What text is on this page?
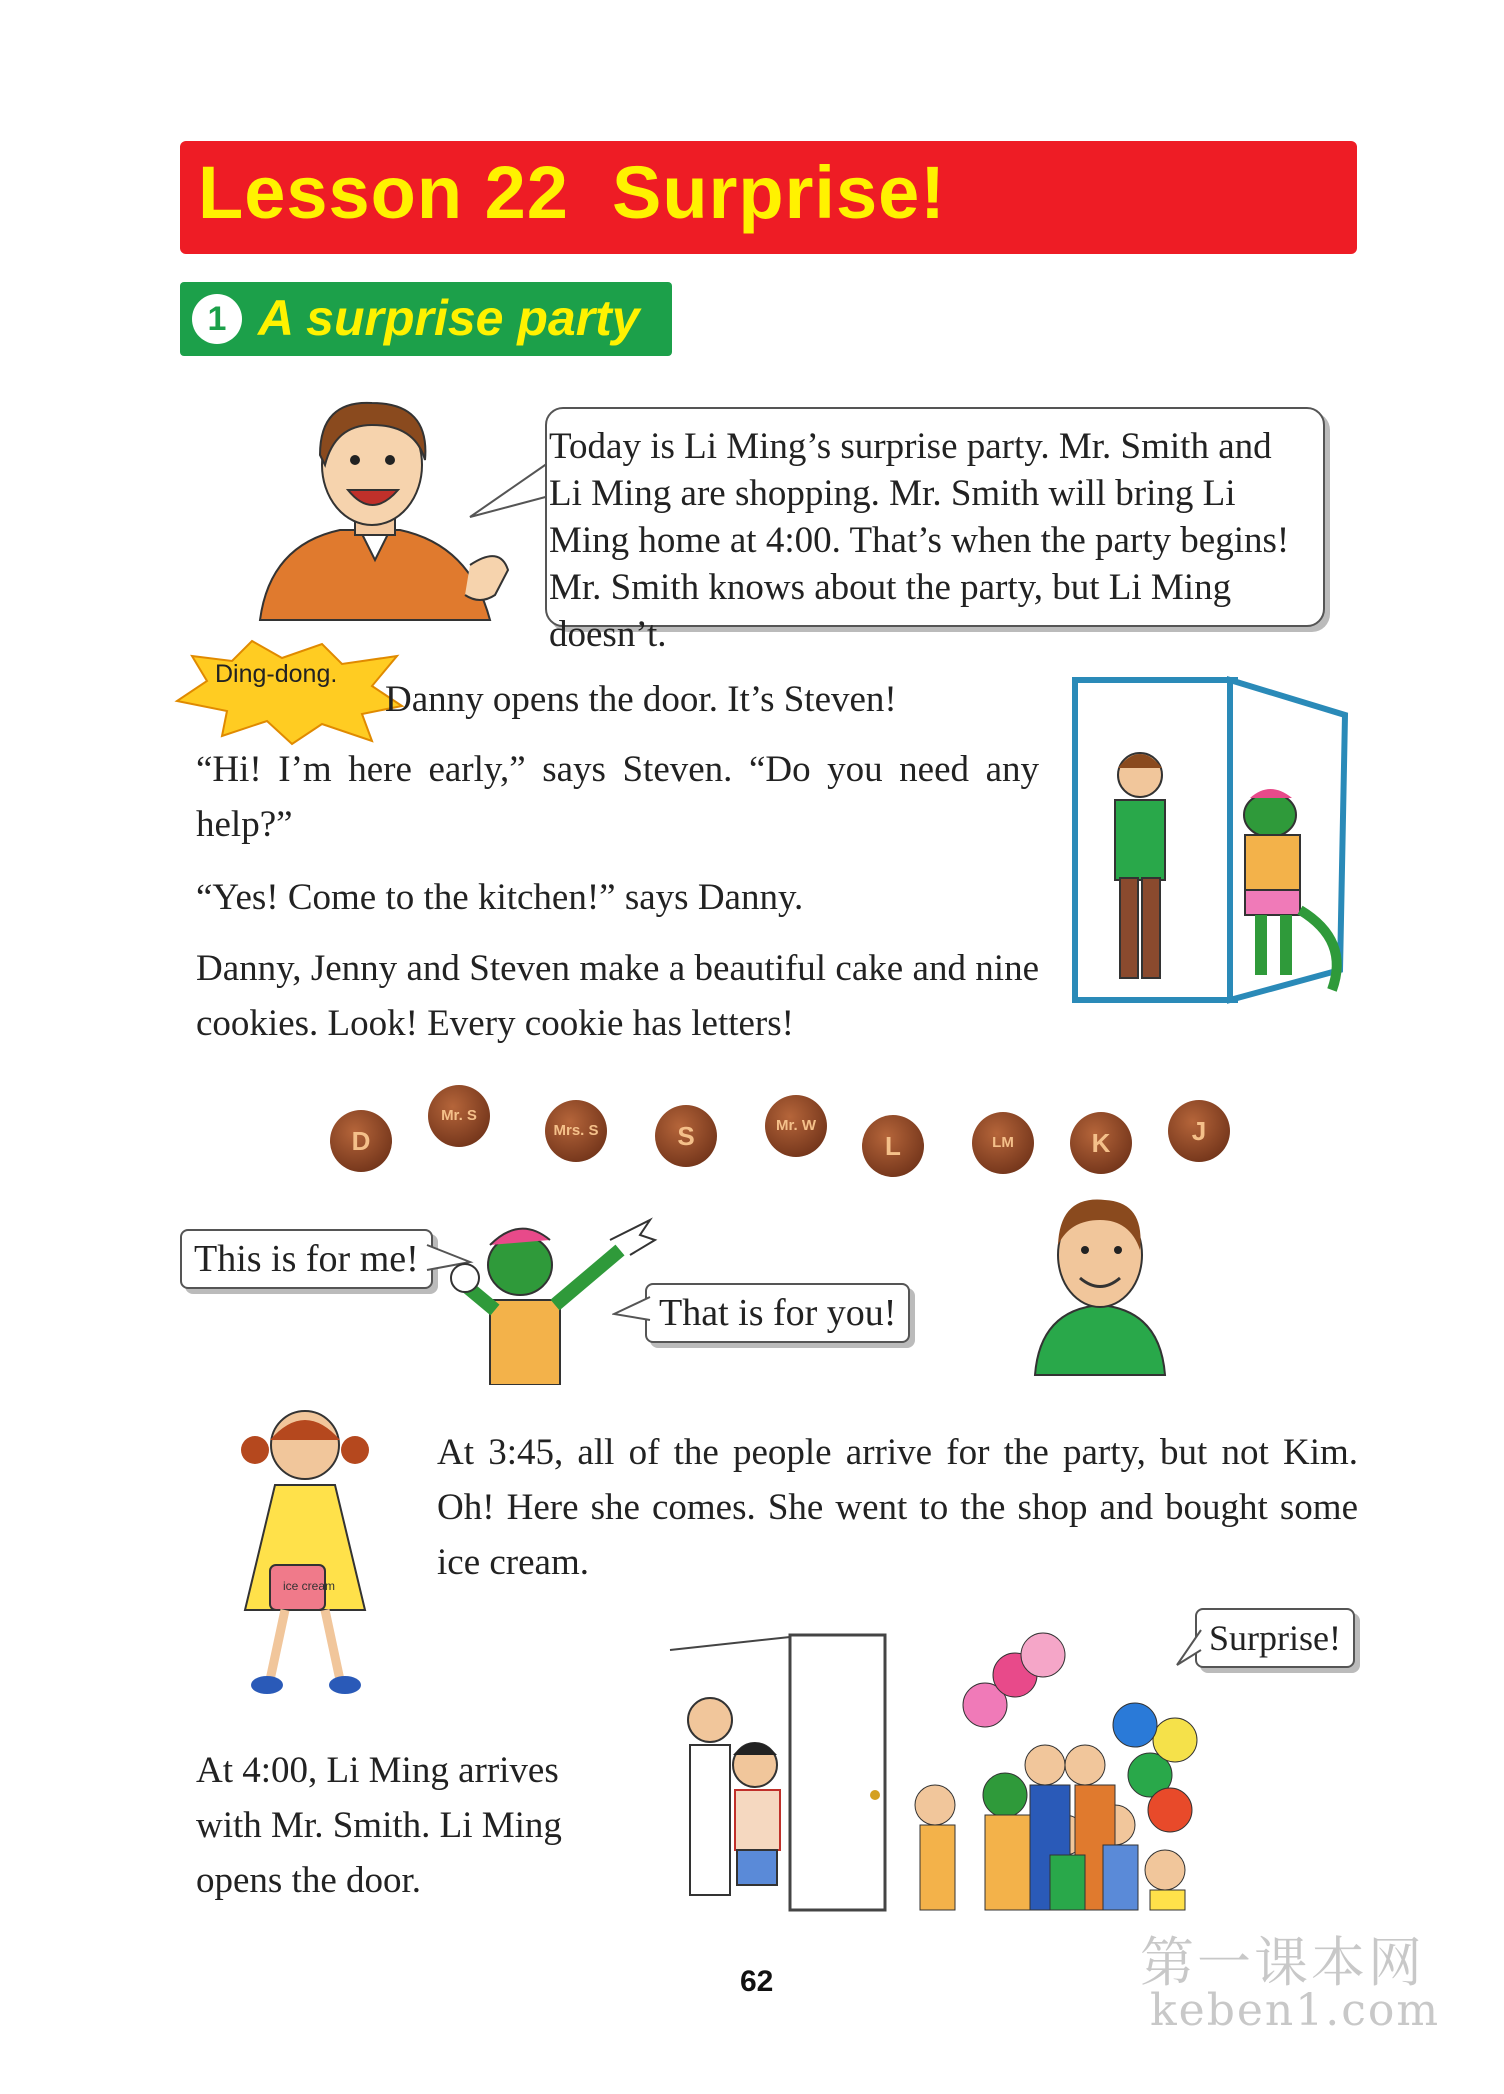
Lesson 22  Surprise!
1 A surprise party

Today is Li Ming’s surprise party. Mr. Smith and Li Ming are shopping. Mr. Smith will bring Li Ming home at 4:00. That’s when the party begins! Mr. Smith knows about the party, but Li Ming doesn’t.

Ding-dong.
Danny opens the door. It’s Steven!
“Hi! I’m here early,” says Steven. “Do you need any help?”
“Yes! Come to the kitchen!” says Danny.
Danny, Jenny and Steven make a beautiful cake and nine cookies. Look! Every cookie has letters!
D
Mr. S
Mrs. S	S	Mr. W
L	LM	K	J
This is for me!
That is for you!
ice cream
At 3:45, all of the people arrive for the party, but not Kim. Oh! Here she comes. She went to the shop and bought some ice cream.
Surprise!
At 4:00, Li Ming arrives with Mr. Smith. Li Ming opens the door.
62	第一课本网
keben1.com
